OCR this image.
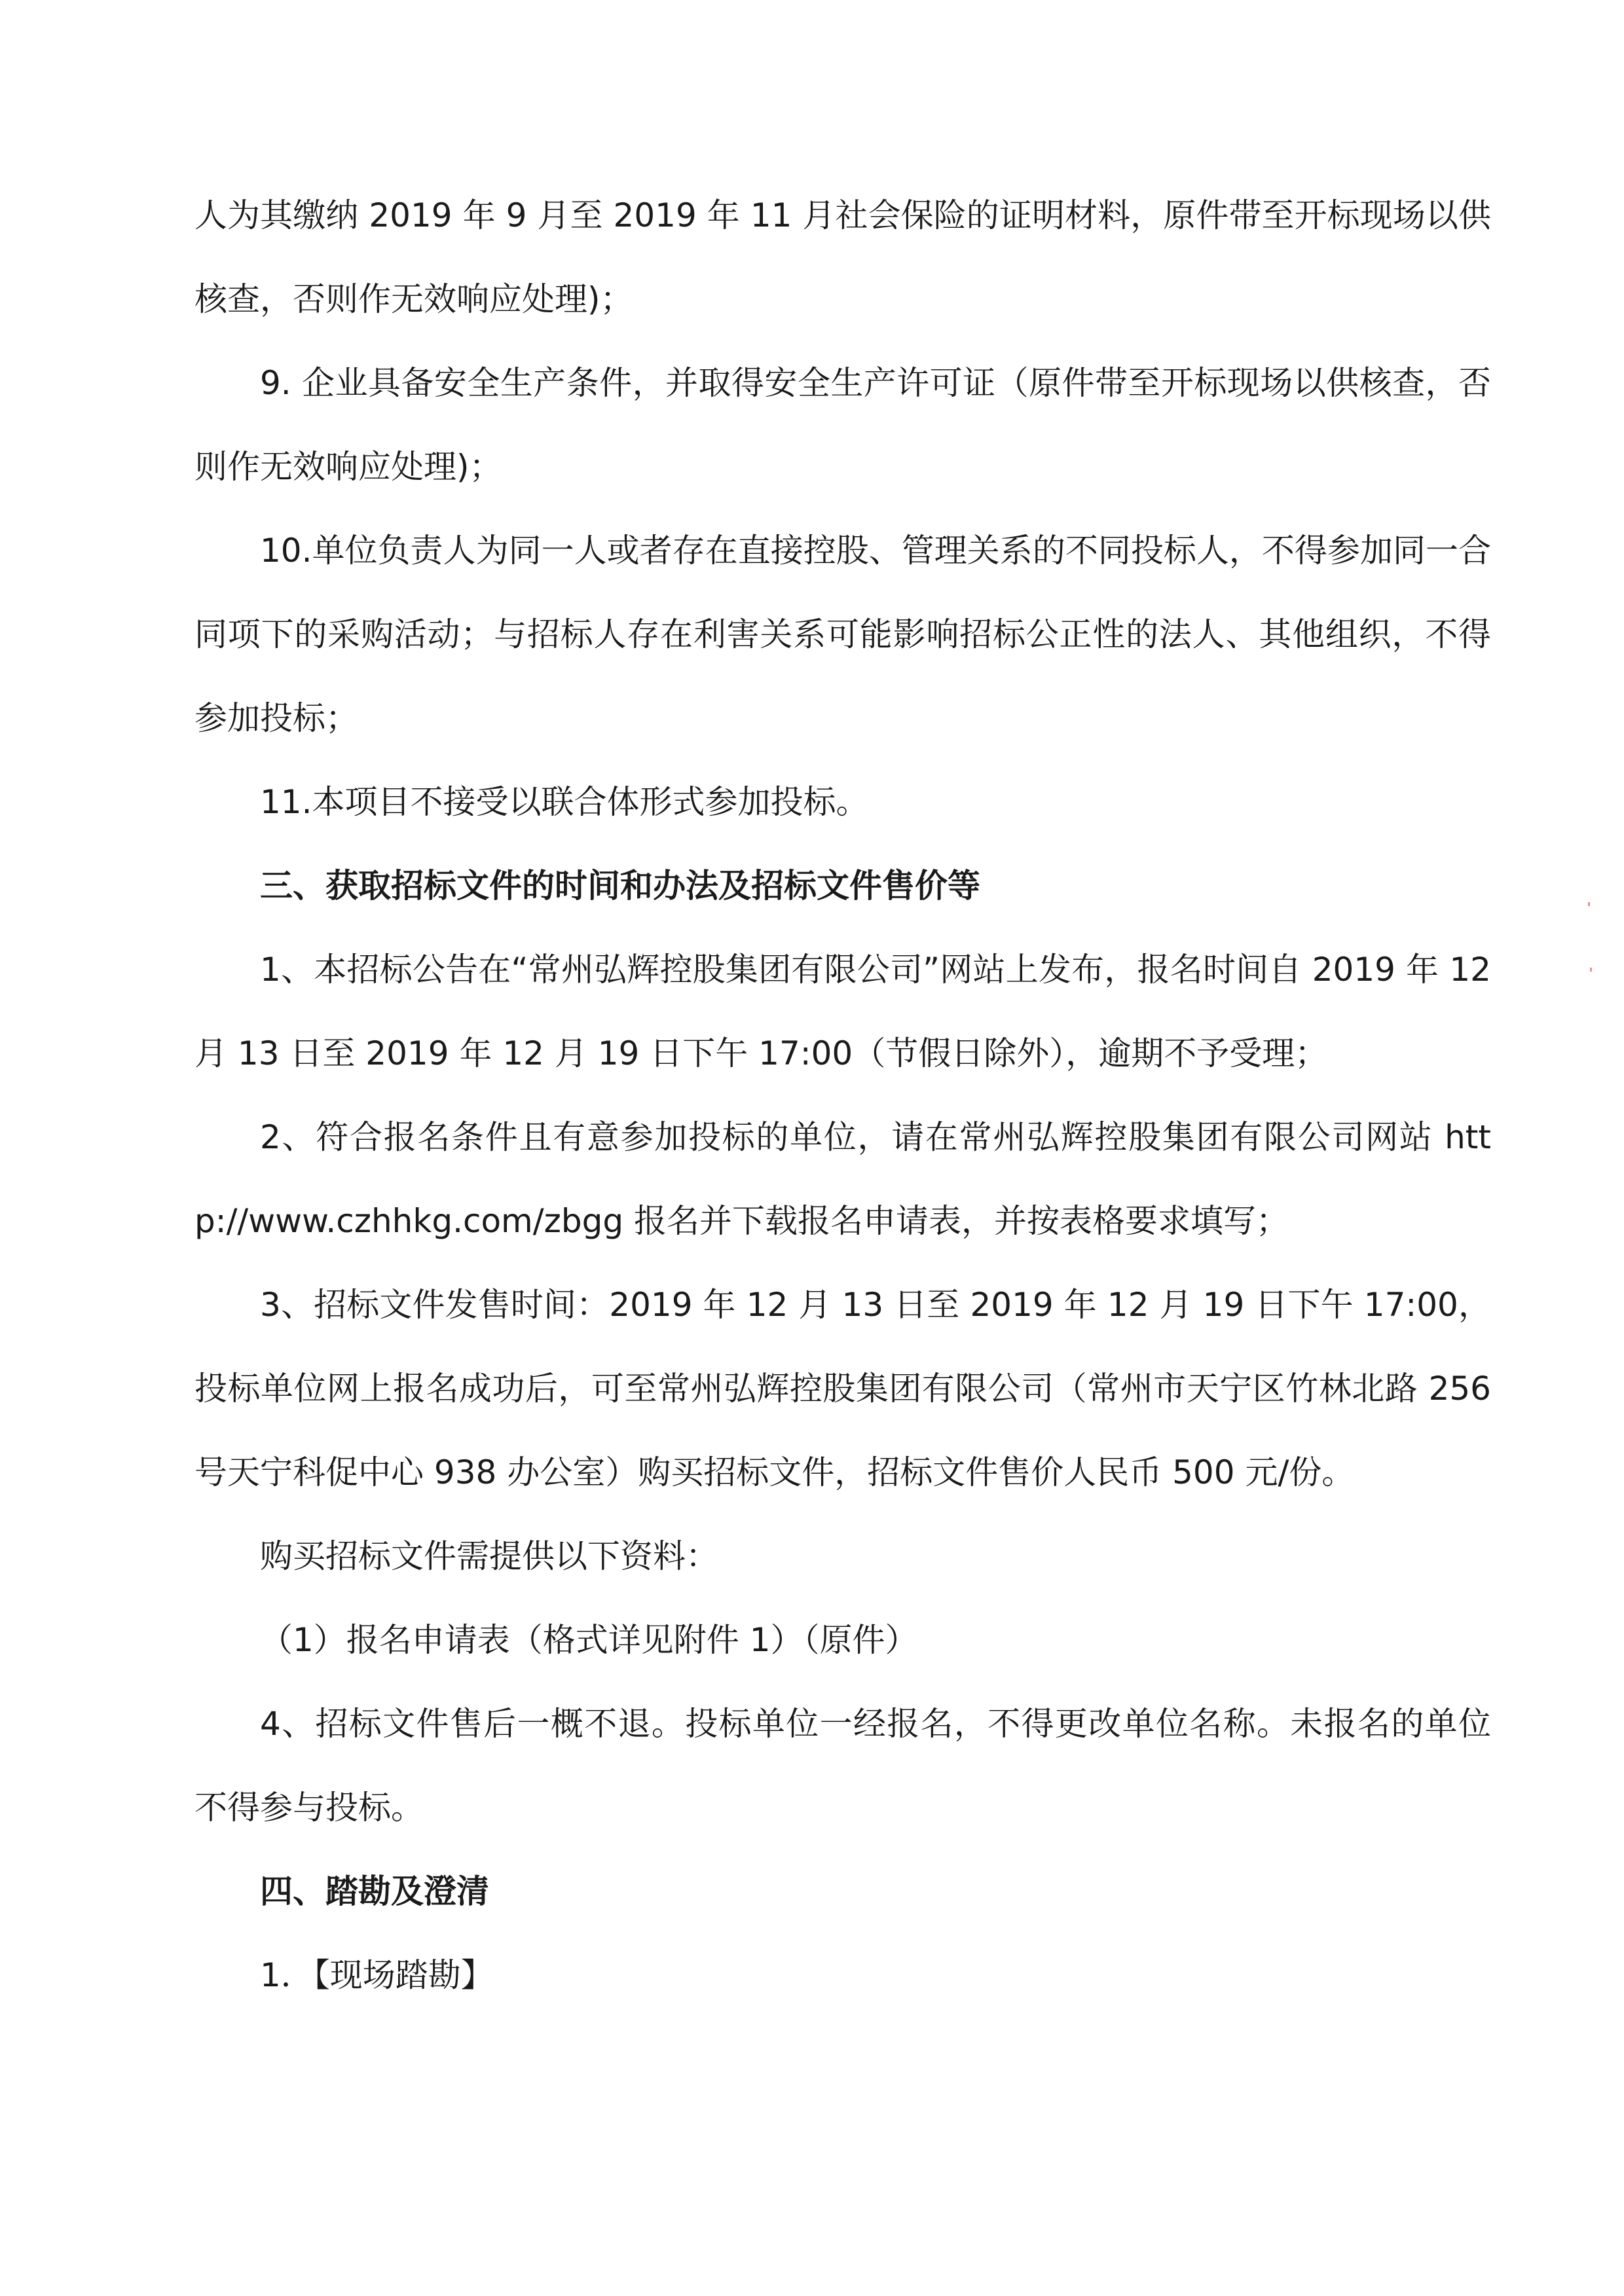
人为其缴纳 2019 年 9 月至 2019 年 11 月社会保险的证明材料，原件带至开标现场以供核查，否则作无效响应处理)；

9. 企业具备安全生产条件，并取得安全生产许可证（原件带至开标现场以供核查，否则作无效响应处理)；

10.单位负责人为同一人或者存在直接控股、管理关系的不同投标人，不得参加同一合同项下的采购活动；与招标人存在利害关系可能影响招标公正性的法人、其他组织，不得参加投标；

11.本项目不接受以联合体形式参加投标。

三、获取招标文件的时间和办法及招标文件售价等

1、本招标公告在“常州弘辉控股集团有限公司”网站上发布，报名时间自 2019 年 12 月 13 日至 2019 年 12 月 19 日下午 17:00（节假日除外），逾期不予受理；

2、符合报名条件且有意参加投标的单位，请在常州弘辉控股集团有限公司网站 http://www.czhhkg.com/zbgg 报名并下载报名申请表，并按表格要求填写；

3、招标文件发售时间：2019 年 12 月 13 日至 2019 年 12 月 19 日下午 17:00，投标单位网上报名成功后，可至常州弘辉控股集团有限公司（常州市天宁区竹林北路 256 号天宁科促中心 938 办公室）购买招标文件，招标文件售价人民币 500 元/份。

购买招标文件需提供以下资料：

（1）报名申请表（格式详见附件 1）（原件）

4、招标文件售后一概不退。投标单位一经报名，不得更改单位名称。未报名的单位不得参与投标。

四、踏勘及澄清

1．【现场踏勘】
